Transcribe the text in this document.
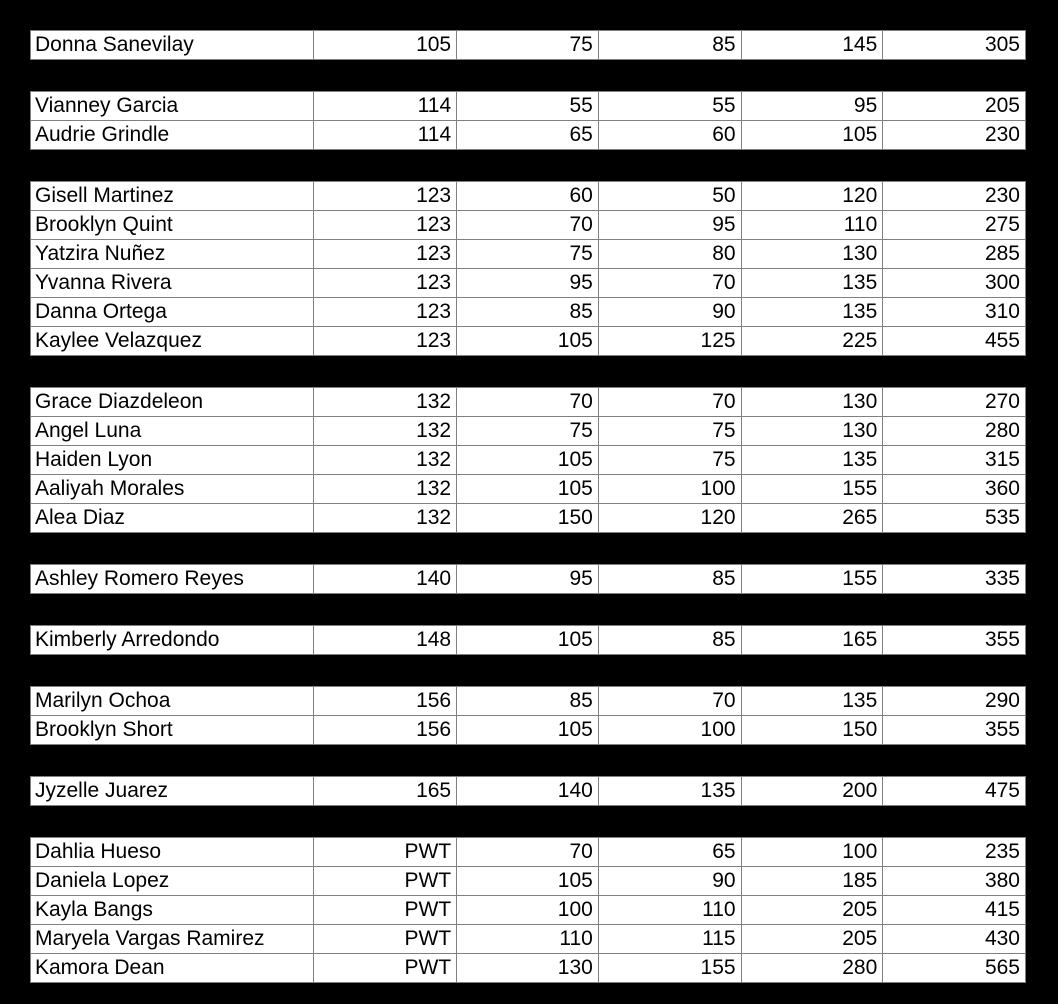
Name	Weight Class	Clean	Bench	Squat	Total
Donna Sanevilay	105	75	85	145	305
Vianney Garcia	114	55	55	95	205
Audrie Grindle	114	65	60	105	230
Gisell Martinez	123	60	50	120	230
Brooklyn Quint	123	70	95	110	275
Yatzira Nuñez	123	75	80	130	285
Yvanna Rivera	123	95	70	135	300
Danna Ortega	123	85	90	135	310
Kaylee Velazquez	123	105	125	225	455
Grace Diazdeleon	132	70	70	130	270
Angel Luna	132	75	75	130	280
Haiden Lyon	132	105	75	135	315
Aaliyah Morales	132	105	100	155	360
Alea Diaz	132	150	120	265	535
Ashley Romero Reyes	140	95	85	155	335
Kimberly Arredondo	148	105	85	165	355
Marilyn Ochoa	156	85	70	135	290
Brooklyn Short	156	105	100	150	355
Jyzelle Juarez	165	140	135	200	475
Dahlia Hueso	PWT	70	65	100	235
Daniela Lopez	PWT	105	90	185	380
Kayla Bangs	PWT	100	110	205	415
Maryela Vargas Ramirez	PWT	110	115	205	430
Kamora Dean	PWT	130	155	280	565
